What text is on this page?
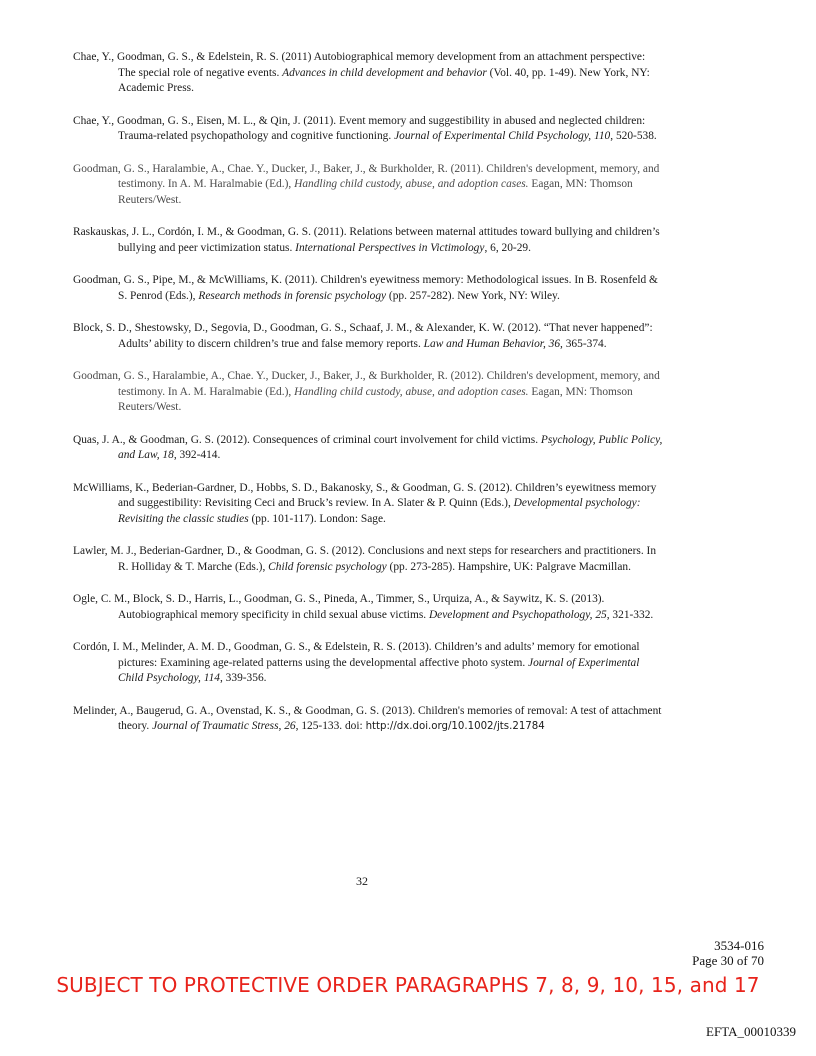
Chae, Y., Goodman, G. S., & Edelstein, R. S. (2011) Autobiographical memory development from an attachment perspective: The special role of negative events. Advances in child development and behavior (Vol. 40, pp. 1-49). New York, NY: Academic Press.

Chae, Y., Goodman, G. S., Eisen, M. L., & Qin, J. (2011). Event memory and suggestibility in abused and neglected children: Trauma-related psychopathology and cognitive functioning. Journal of Experimental Child Psychology, 110, 520-538.

Goodman, G. S., Haralambie, A., Chae. Y., Ducker, J., Baker, J., & Burkholder, R. (2011). Children's development, memory, and testimony. In A. M. Haralmabie (Ed.), Handling child custody, abuse, and adoption cases. Eagan, MN: Thomson Reuters/West.

Raskauskas, J. L., Cordón, I. M., & Goodman, G. S. (2011). Relations between maternal attitudes toward bullying and children’s bullying and peer victimization status. International Perspectives in Victimology, 6, 20-29.

Goodman, G. S., Pipe, M., & McWilliams, K. (2011). Children's eyewitness memory: Methodological issues. In B. Rosenfeld & S. Penrod (Eds.), Research methods in forensic psychology (pp. 257-282). New York, NY: Wiley.

Block, S. D., Shestowsky, D., Segovia, D., Goodman, G. S., Schaaf, J. M., & Alexander, K. W. (2012). “That never happened”: Adults’ ability to discern children’s true and false memory reports. Law and Human Behavior, 36, 365-374.

Goodman, G. S., Haralambie, A., Chae. Y., Ducker, J., Baker, J., & Burkholder, R. (2012). Children's development, memory, and testimony. In A. M. Haralmabie (Ed.), Handling child custody, abuse, and adoption cases. Eagan, MN: Thomson Reuters/West.

Quas, J. A., & Goodman, G. S. (2012). Consequences of criminal court involvement for child victims. Psychology, Public Policy, and Law, 18, 392-414.

McWilliams, K., Bederian-Gardner, D., Hobbs, S. D., Bakanosky, S., & Goodman, G. S. (2012). Children’s eyewitness memory and suggestibility: Revisiting Ceci and Bruck’s review. In A. Slater & P. Quinn (Eds.), Developmental psychology: Revisiting the classic studies (pp. 101-117). London: Sage.

Lawler, M. J., Bederian-Gardner, D., & Goodman, G. S. (2012). Conclusions and next steps for researchers and practitioners. In R. Holliday & T. Marche (Eds.), Child forensic psychology (pp. 273-285). Hampshire, UK: Palgrave Macmillan.

Ogle, C. M., Block, S. D., Harris, L., Goodman, G. S., Pineda, A., Timmer, S., Urquiza, A., & Saywitz, K. S. (2013). Autobiographical memory specificity in child sexual abuse victims. Development and Psychopathology, 25, 321-332.

Cordón, I. M., Melinder, A. M. D., Goodman, G. S., & Edelstein, R. S. (2013). Children’s and adults’ memory for emotional pictures: Examining age-related patterns using the developmental affective photo system. Journal of Experimental Child Psychology, 114, 339-356.

Melinder, A., Baugerud, G. A., Ovenstad, K. S., & Goodman, G. S. (2013). Children's memories of removal: A test of attachment theory. Journal of Traumatic Stress, 26, 125-133. doi: http://dx.doi.org/10.1002/jts.21784

32
3534-016
Page 30 of 70
SUBJECT TO PROTECTIVE ORDER PARAGRAPHS 7, 8, 9, 10, 15, and 17
EFTA_00010339
